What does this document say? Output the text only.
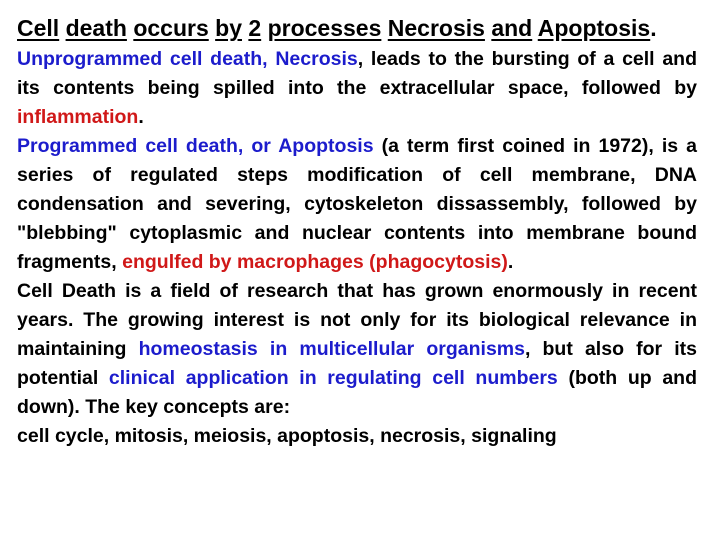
Cell death occurs by 2 processes Necrosis and Apoptosis.

Unprogrammed cell death, Necrosis, leads to the bursting of a cell and its contents being spilled into the extracellular space, followed by inflammation.

Programmed cell death, or Apoptosis (a term first coined in 1972), is a series of regulated steps modification of cell membrane, DNA condensation and severing, cytoskeleton dissassembly, followed by "blebbing" cytoplasmic and nuclear contents into membrane bound fragments, engulfed by macrophages (phagocytosis).

Cell Death is a field of research that has grown enormously in recent years. The growing interest is not only for its biological relevance in maintaining homeostasis in multicellular organisms, but also for its potential clinical application in regulating cell numbers (both up and down). The key concepts are:

cell cycle, mitosis, meiosis, apoptosis, necrosis, signaling
